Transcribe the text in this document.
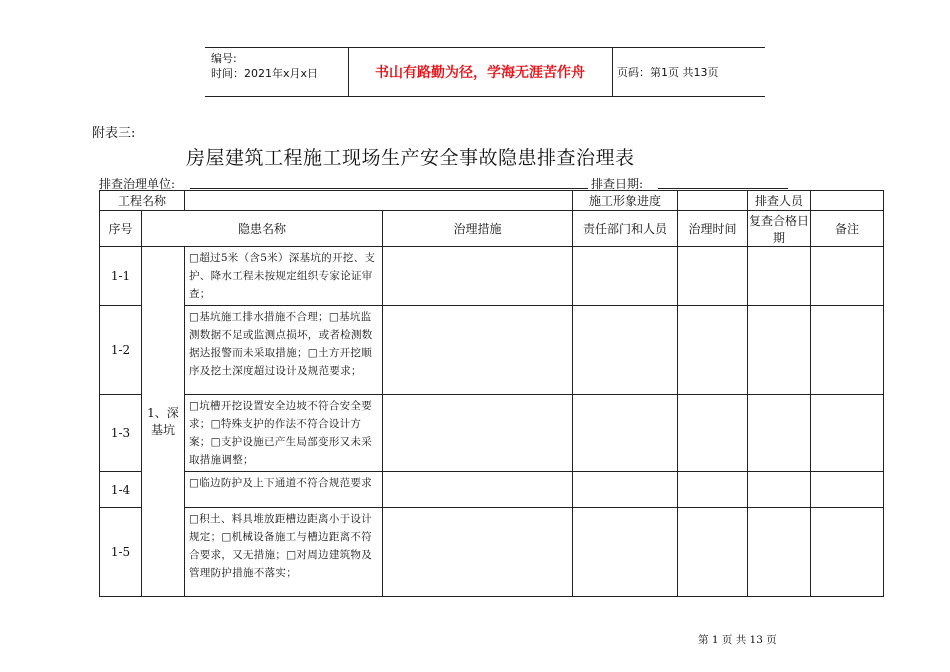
编号:
时间：2021年x月x日	书山有路勤为径，学海无涯苦作舟	页码：第1页 共13页
附表三:
房屋建筑工程施工现场生产安全事故隐患排查治理表
排查治理单位:	排查日期:
工程名称				施工形象进度		排查人员	
序号	隐患名称		治理措施	责任部门和人员	治理时间	复查合格日期	备注
1-1	1、深基坑	□超过5米（含5米）深基坑的开挖、支护、降水工程未按规定组织专家论证审查；					
1-2		□基坑施工排水措施不合理；□基坑监测数据不足或监测点损坏，或者检测数据达报警而未采取措施；□土方开挖顺序及挖土深度超过设计及规范要求；					
1-3		□坑槽开挖设置安全边坡不符合安全要求；□特殊支护的作法不符合设计方案；□支护设施已产生局部变形又未采取措施调整；					
1-4		□临边防护及上下通道不符合规范要求					
1-5		□积土、料具堆放距槽边距离小于设计规定；□机械设备施工与槽边距离不符合要求，又无措施；□对周边建筑物及管理防护措施不落实；					
第 1 页 共 13 页
